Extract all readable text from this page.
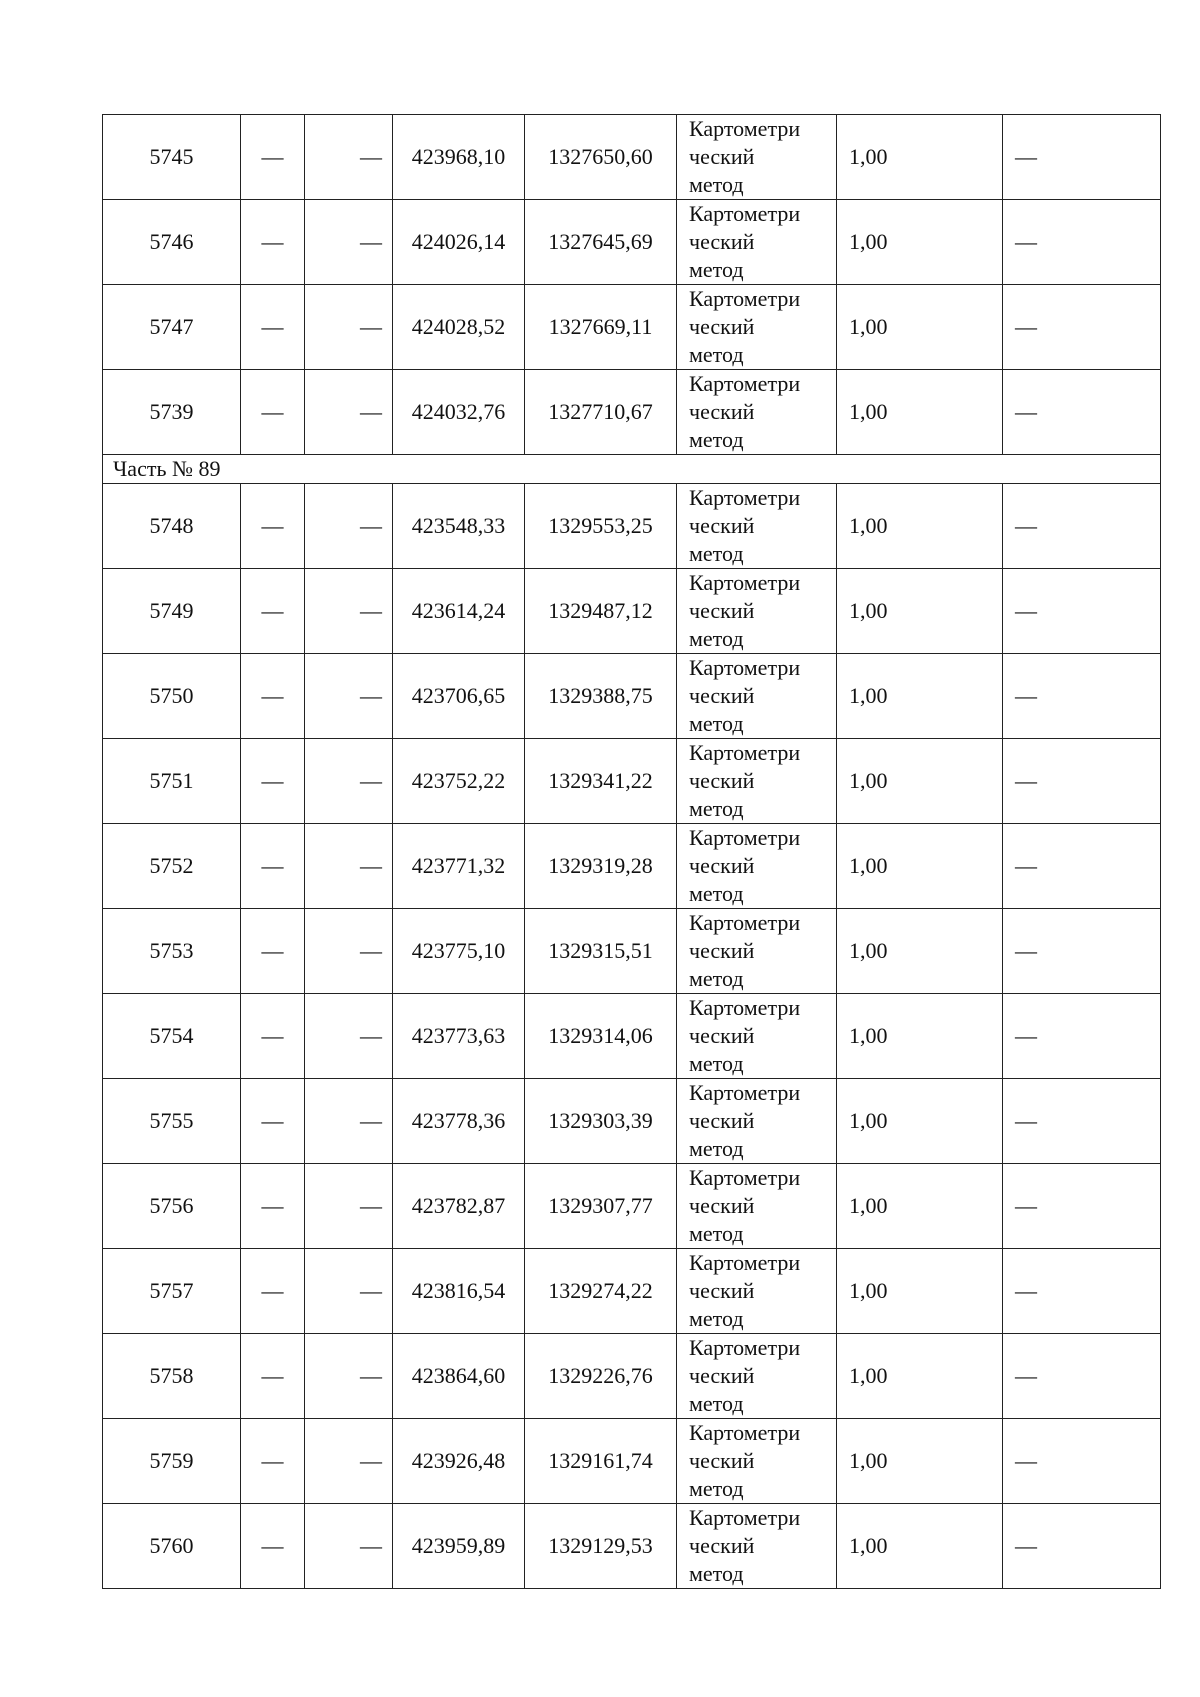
5745	—	—	423968,10	1327650,60	Картометри
ческий
метод	1,00	—
5746	—	—	424026,14	1327645,69	Картометри
ческий
метод	1,00	—
5747	—	—	424028,52	1327669,11	Картометри
ческий
метод	1,00	—
5739	—	—	424032,76	1327710,67	Картометри
ческий
метод	1,00	—
Часть № 89							
5748	—	—	423548,33	1329553,25	Картометри
ческий
метод	1,00	—
5749	—	—	423614,24	1329487,12	Картометри
ческий
метод	1,00	—
5750	—	—	423706,65	1329388,75	Картометри
ческий
метод	1,00	—
5751	—	—	423752,22	1329341,22	Картометри
ческий
метод	1,00	—
5752	—	—	423771,32	1329319,28	Картометри
ческий
метод	1,00	—
5753	—	—	423775,10	1329315,51	Картометри
ческий
метод	1,00	—
5754	—	—	423773,63	1329314,06	Картометри
ческий
метод	1,00	—
5755	—	—	423778,36	1329303,39	Картометри
ческий
метод	1,00	—
5756	—	—	423782,87	1329307,77	Картометри
ческий
метод	1,00	—
5757	—	—	423816,54	1329274,22	Картометри
ческий
метод	1,00	—
5758	—	—	423864,60	1329226,76	Картометри
ческий
метод	1,00	—
5759	—	—	423926,48	1329161,74	Картометри
ческий
метод	1,00	—
5760	—	—	423959,89	1329129,53	Картометри
ческий
метод	1,00	—
